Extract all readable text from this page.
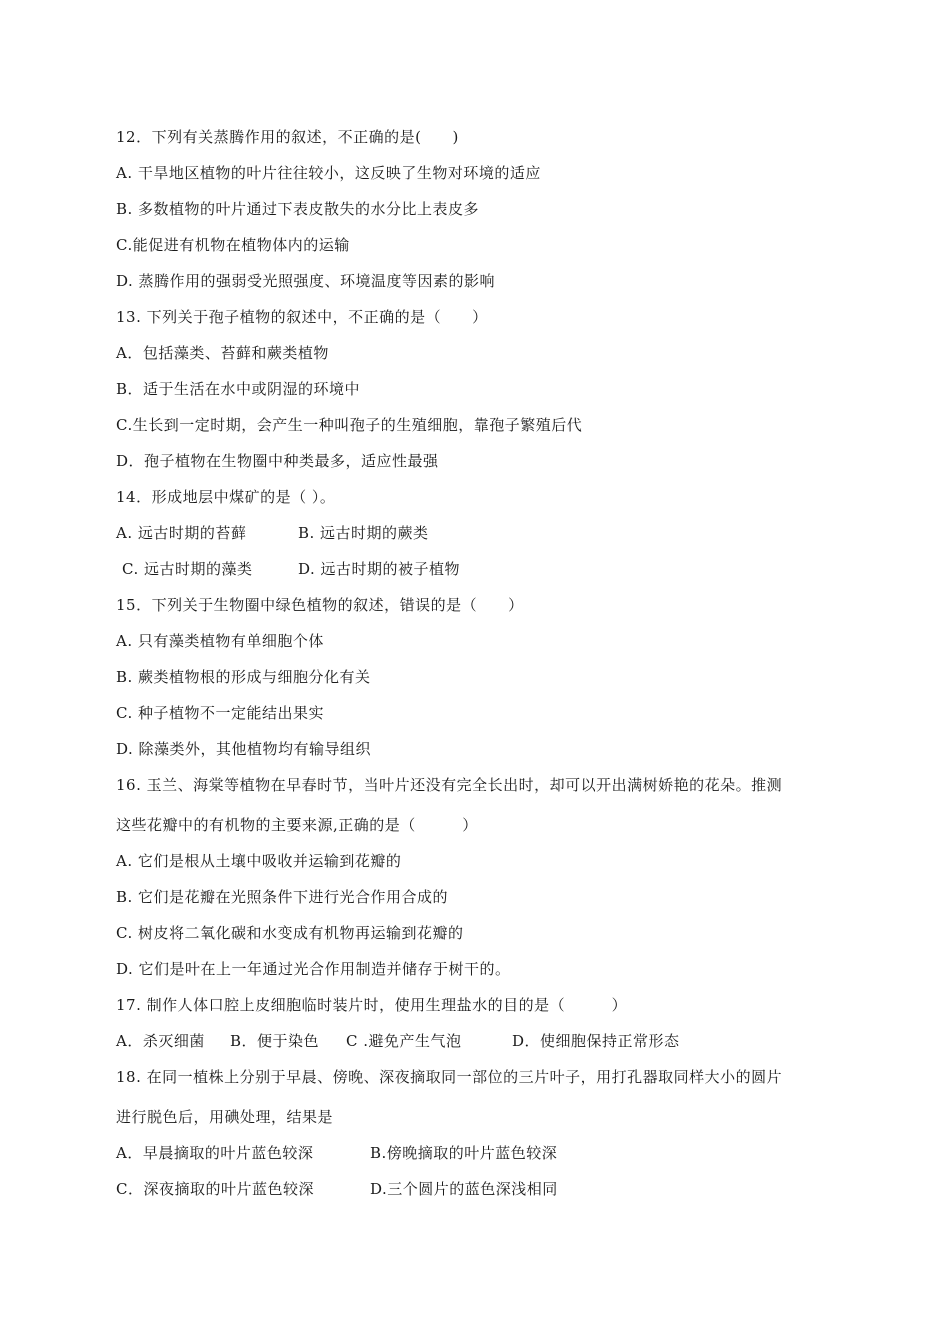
12．下列有关蒸腾作用的叙述，不正确的是(　　)
A. 干旱地区植物的叶片往往较小，这反映了生物对环境的适应
B. 多数植物的叶片通过下表皮散失的水分比上表皮多
C.能促进有机物在植物体内的运输
D. 蒸腾作用的强弱受光照强度、环境温度等因素的影响
13. 下列关于孢子植物的叙述中，不正确的是（　　）
A．包括藻类、苔藓和蕨类植物
B．适于生活在水中或阴湿的环境中
C.生长到一定时期，会产生一种叫孢子的生殖细胞，靠孢子繁殖后代
D．孢子植物在生物圈中种类最多，适应性最强
14．形成地层中煤矿的是（ ）。
A. 远古时期的苔藓	B. 远古时期的蕨类
C. 远古时期的藻类	D. 远古时期的被子植物
15．下列关于生物圈中绿色植物的叙述，错误的是（　　）
A. 只有藻类植物有单细胞个体
B. 蕨类植物根的形成与细胞分化有关
C. 种子植物不一定能结出果实
D. 除藻类外，其他植物均有输导组织
16. 玉兰、海棠等植物在早春时节，当叶片还没有完全长出时，却可以开出满树娇艳的花朵。推测
这些花瓣中的有机物的主要来源,正确的是（　　　）
A. 它们是根从土壤中吸收并运输到花瓣的
B. 它们是花瓣在光照条件下进行光合作用合成的
C. 树皮将二氧化碳和水变成有机物再运输到花瓣的
D. 它们是叶在上一年通过光合作用制造并储存于树干的。
17. 制作人体口腔上皮细胞临时装片时，使用生理盐水的目的是（　　　）
A．杀灭细菌 B．便于染色 C .避免产生气泡	D．使细胞保持正常形态
18. 在同一植株上分别于早晨、傍晚、深夜摘取同一部位的三片叶子，用打孔器取同样大小的圆片
进行脱色后，用碘处理，结果是
A．早晨摘取的叶片蓝色较深	B.傍晚摘取的叶片蓝色较深
C．深夜摘取的叶片蓝色较深	D.三个圆片的蓝色深浅相同
